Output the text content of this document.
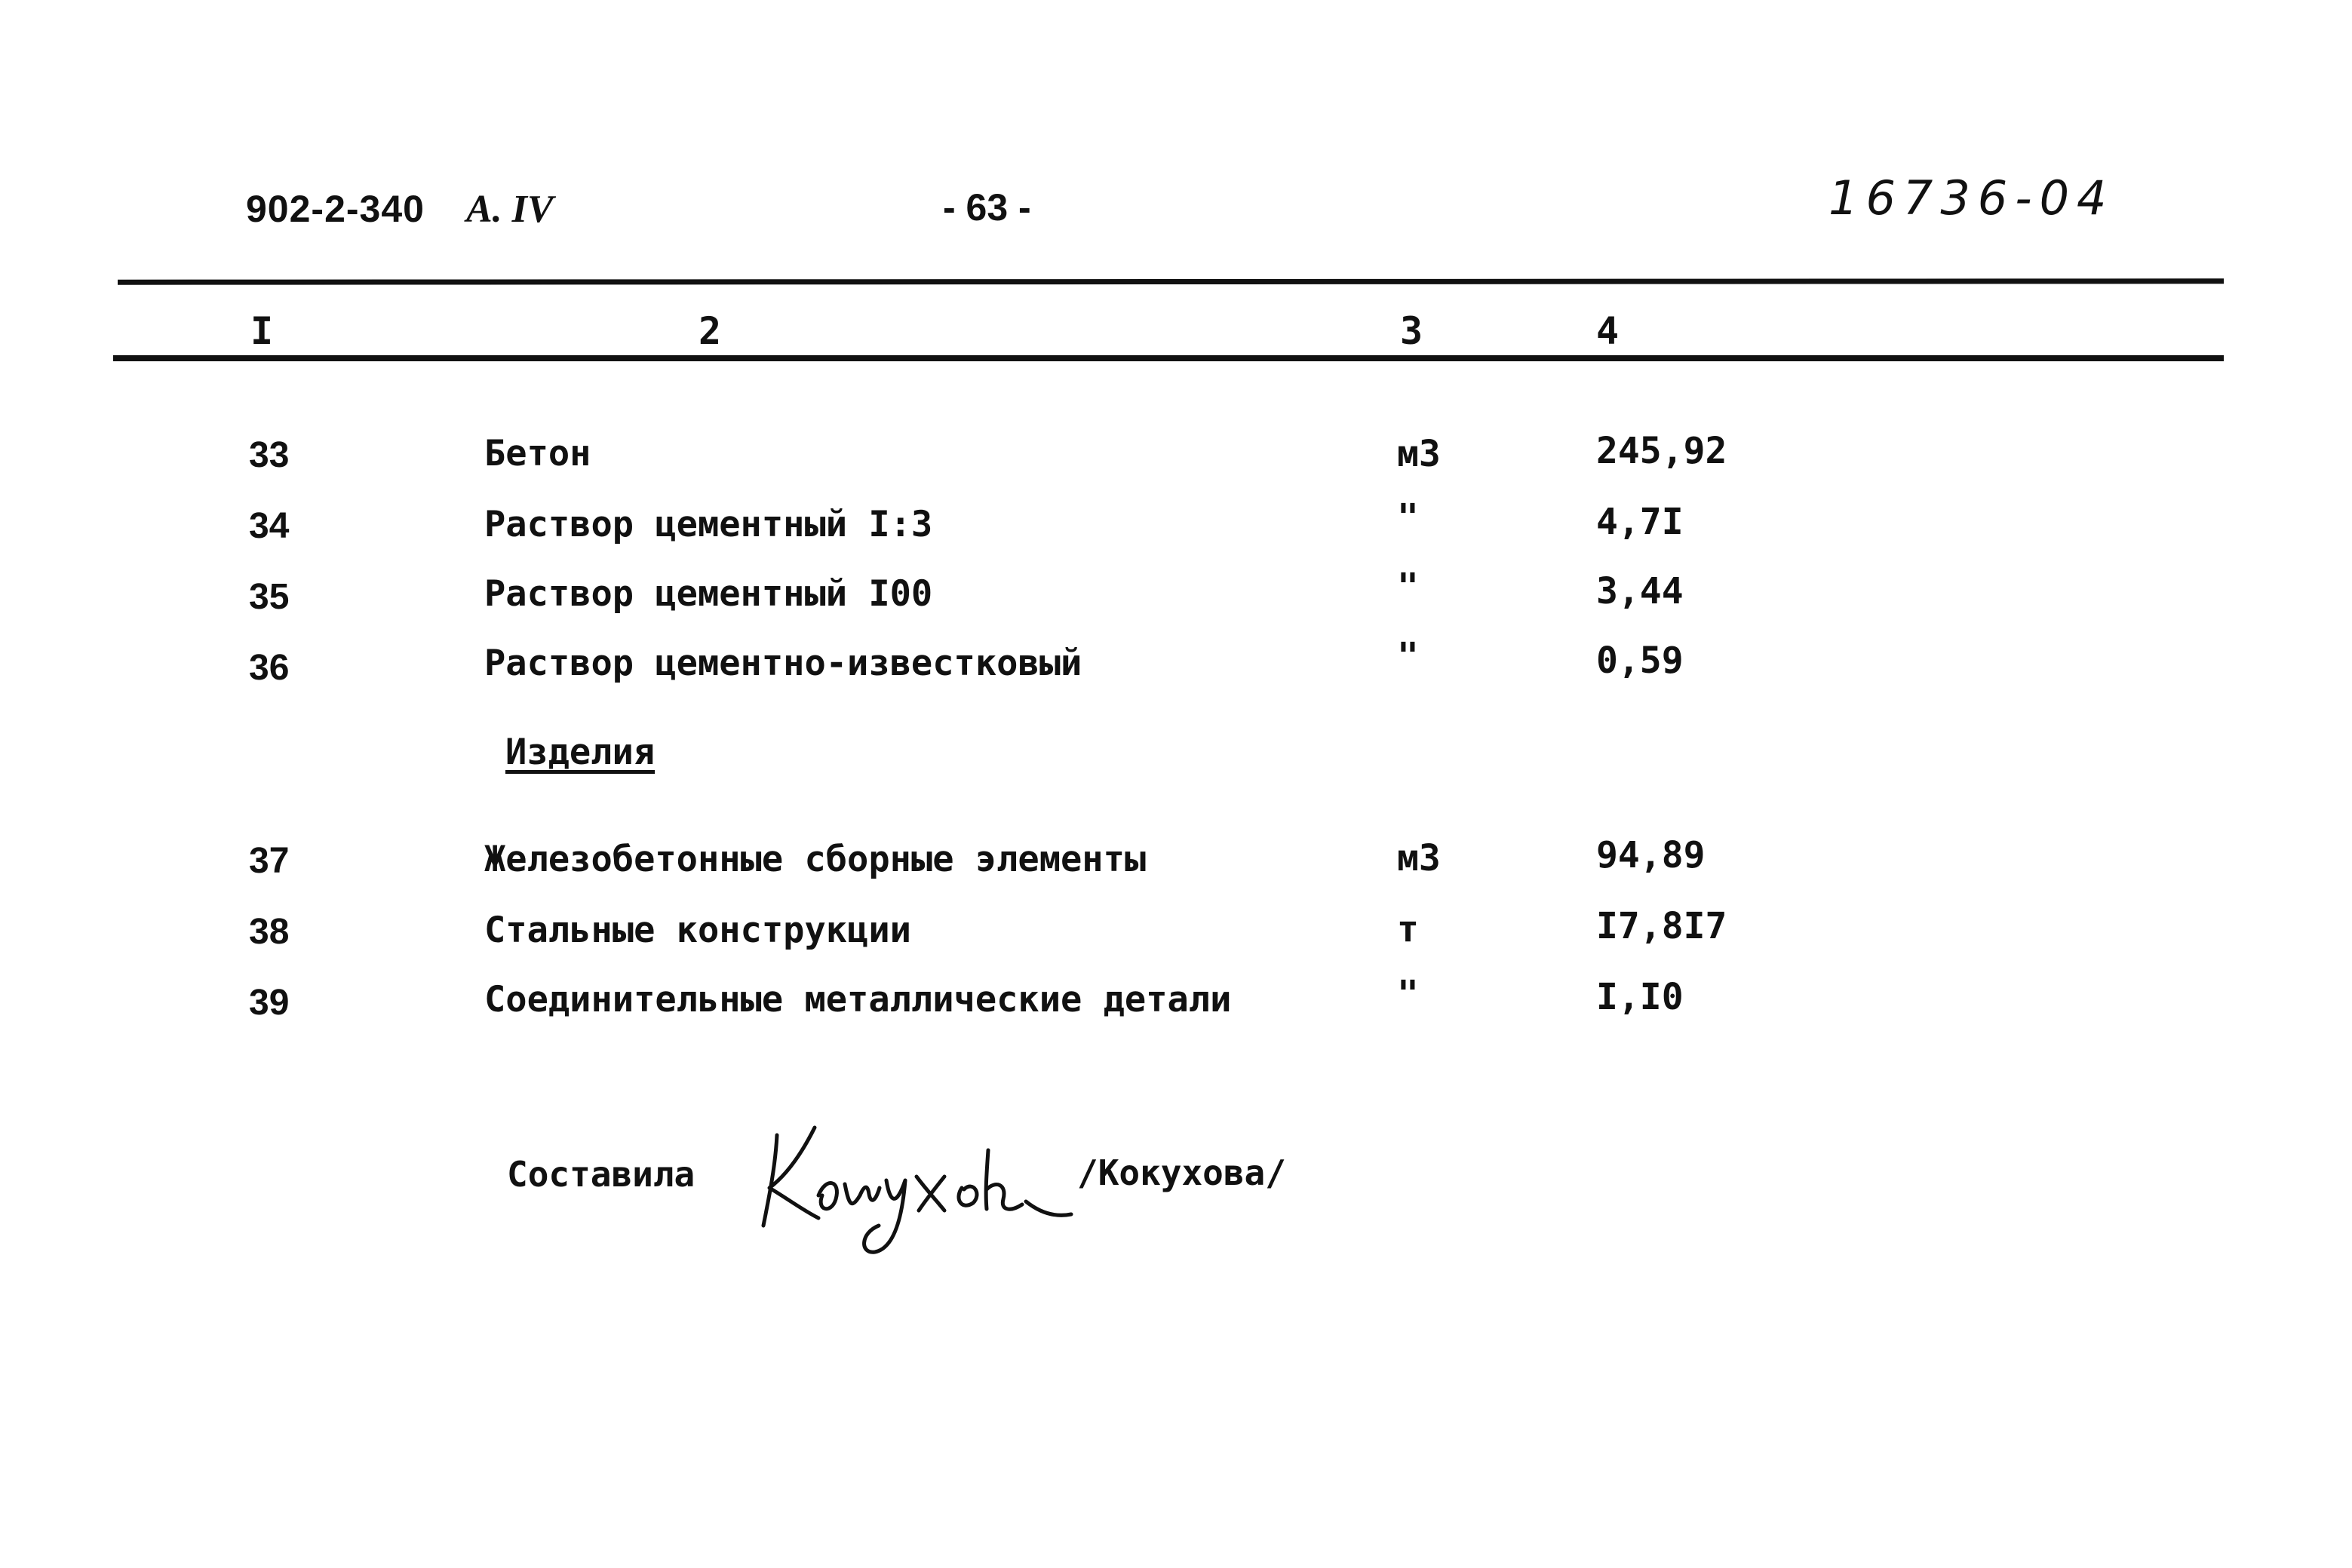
902-2-340 А. IV	- 63 -	16736-04
I	2	3	4
33	Бетон	м3	245,92
34	Раствор цементный I:3	"	4,7I
35	Раствор цементный I00	"	3,44
36	Раствор цементно-известковый	"	0,59
Изделия
37	Железобетонные сборные элементы	м3	94,89
38	Стальные конструкции	т	I7,8I7
39	Соединительные металлические детали	"	I,I0
Составила	/Кокухова/
